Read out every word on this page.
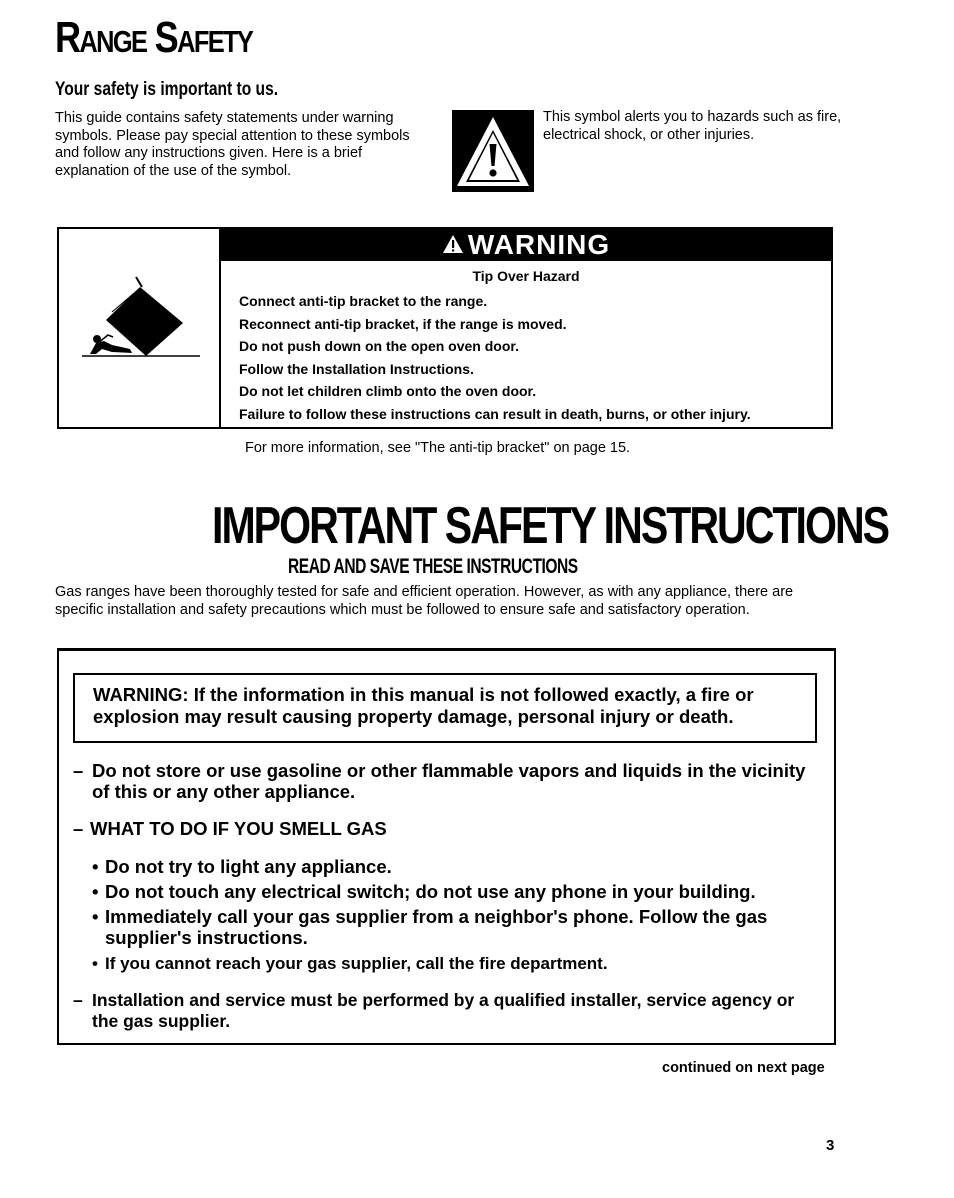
Range Safety
Your safety is important to us.
This guide contains safety statements under warning symbols. Please pay special attention to these symbols and follow any instructions given. Here is a brief explanation of the use of the symbol.
This symbol alerts you to hazards such as fire, electrical shock, or other injuries.
WARNING
Tip Over Hazard
Connect anti-tip bracket to the range.
Reconnect anti-tip bracket, if the range is moved.
Do not push down on the open oven door.
Follow the Installation Instructions.
Do not let children climb onto the oven door.
Failure to follow these instructions can result in death, burns, or other injury.
For more information, see "The anti-tip bracket" on page 15.
IMPORTANT SAFETY INSTRUCTIONS
READ AND SAVE THESE INSTRUCTIONS
Gas ranges have been thoroughly tested for safe and efficient operation. However, as with any appliance, there are specific installation and safety precautions which must be followed to ensure safe and satisfactory operation.
WARNING: If the information in this manual is not followed exactly, a fire or explosion may result causing property damage, personal injury or death.
– Do not store or use gasoline or other flammable vapors and liquids in the vicinity of this or any other appliance.
– WHAT TO DO IF YOU SMELL GAS
• Do not try to light any appliance.
• Do not touch any electrical switch; do not use any phone in your building.
• Immediately call your gas supplier from a neighbor's phone. Follow the gas supplier's instructions.
• If you cannot reach your gas supplier, call the fire department.
– Installation and service must be performed by a qualified installer, service agency or the gas supplier.
continued on next page
3
